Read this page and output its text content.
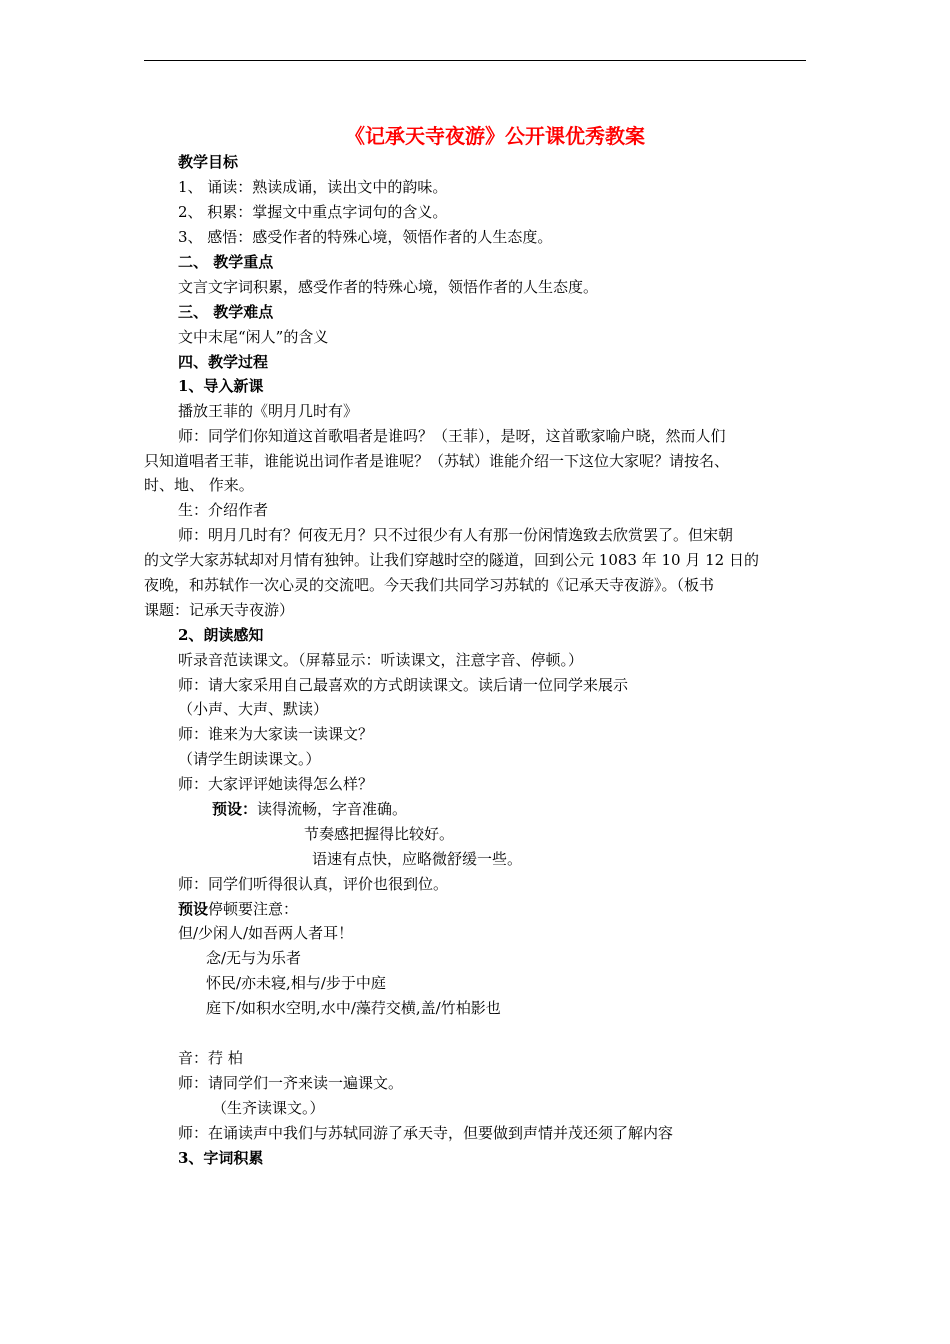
《记承天寺夜游》公开课优秀教案
教学目标
1、 诵读：熟读成诵，读出文中的韵味。
2、 积累：掌握文中重点字词句的含义。
3、 感悟：感受作者的特殊心境，领悟作者的人生态度。
二、 教学重点
文言文字词积累，感受作者的特殊心境，领悟作者的人生态度。
三、 教学难点
文中末尾“闲人”的含义
四、教学过程
1、导入新课
播放王菲的《明月几时有》
师：同学们你知道这首歌唱者是谁吗？（王菲），是呀，这首歌家喻户晓，然而人们
只知道唱者王菲，谁能说出词作者是谁呢？（苏轼）谁能介绍一下这位大家呢？请按名、
时、地、 作来。
生：介绍作者
师：明月几时有？何夜无月？只不过很少有人有那一份闲情逸致去欣赏罢了。但宋朝
的文学大家苏轼却对月情有独钟。让我们穿越时空的隧道，回到公元 1083 年 10 月 12 日的
夜晚，和苏轼作一次心灵的交流吧。今天我们共同学习苏轼的《记承天寺夜游》。（板书
课题：记承天寺夜游）
2、朗读感知
听录音范读课文。（屏幕显示：听读课文，注意字音、停顿。）
师：请大家采用自己最喜欢的方式朗读课文。读后请一位同学来展示
（小声、大声、默读）
师：谁来为大家读一读课文？
（请学生朗读课文。）
师：大家评评她读得怎么样？
预设：读得流畅，字音准确。
节奏感把握得比较好。
语速有点快，应略微舒缓一些。
师：同学们听得很认真，评价也很到位。
预设停顿要注意：
但/少闲人/如吾两人者耳！
念/无与为乐者
怀民/亦未寝,相与/步于中庭
庭下/如积水空明,水中/藻荇交横,盖/竹柏影也
音：荇 柏
师：请同学们一齐来读一遍课文。
（生齐读课文。）
师：在诵读声中我们与苏轼同游了承天寺，但要做到声情并茂还须了解内容
3、字词积累
